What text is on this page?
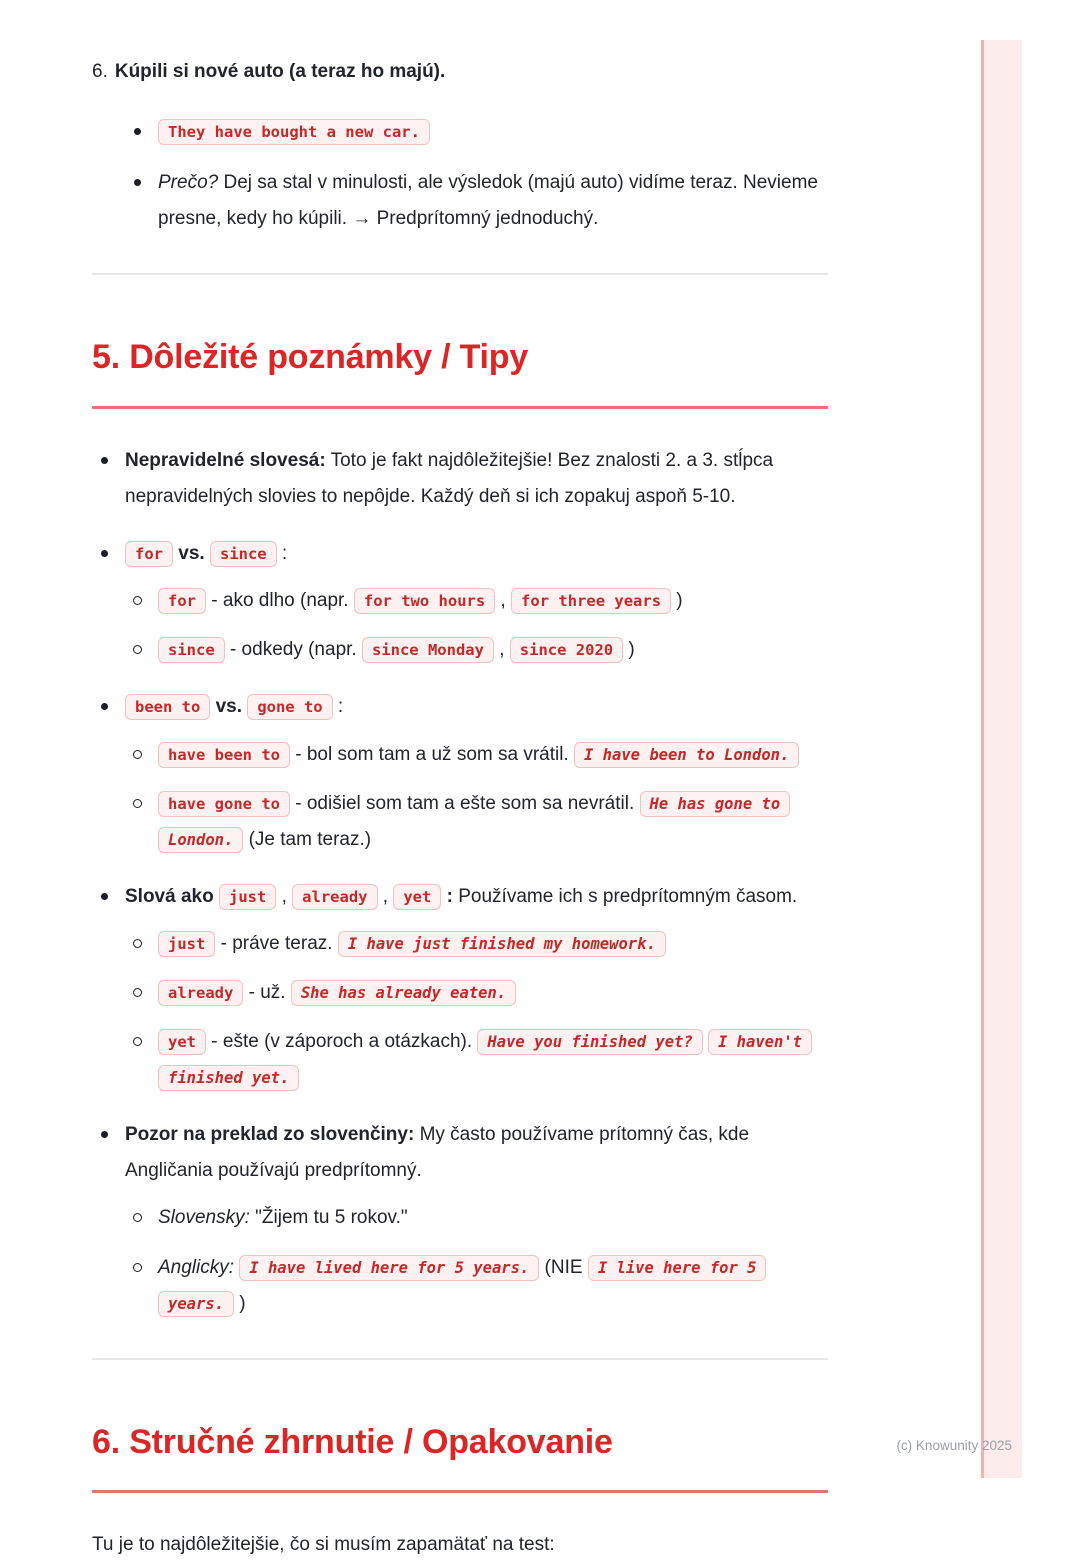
6. Kúpili si nové auto (a teraz ho majú).
They have bought a new car.
Prečo? Dej sa stal v minulosti, ale výsledok (majú auto) vidíme teraz. Nevieme presne, kedy ho kúpili. → Predprítomný jednoduchý.
5. Dôležité poznámky / Tipy
Nepravidelné slovesá: Toto je fakt najdôležitejšie! Bez znalosti 2. a 3. stĺpca nepravidelných slovies to nepôjde. Každý deň si ich zopakuj aspoň 5-10.
for vs. since :
for - ako dlho (napr. for two hours , for three years )
since - odkedy (napr. since Monday , since 2020 )
been to vs. gone to :
have been to - bol som tam a už som sa vrátil. I have been to London.
have gone to - odišiel som tam a ešte som sa nevrátil. He has gone to London. (Je tam teraz.)
Slová ako just , already , yet : Používame ich s predprítomným časom.
just - práve teraz. I have just finished my homework.
already - už. She has already eaten.
yet - ešte (v záporoch a otázkach). Have you finished yet? I haven't finished yet.
Pozor na preklad zo slovenčiny: My často používame prítomný čas, kde Angličania používajú predprítomný.
Slovensky: "Žijem tu 5 rokov."
Anglicky: I have lived here for 5 years. (NIE I live here for 5 years. )
6. Stručné zhrnutie / Opakovanie

Tu je to najdôležitejšie, čo si musím zapamätať na test:

(c) Knowunity 2025
